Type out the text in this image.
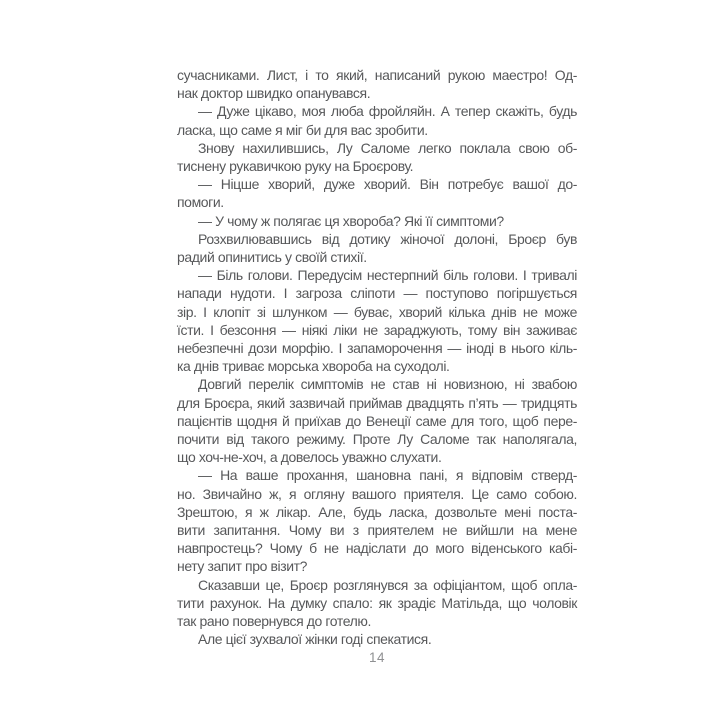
сучасниками. Лист, і то який, написаний рукою маестро! Од-
нак доктор швидко опанувався.
— Дуже цікаво, моя люба фройляйн. А тепер скажіть, будь
ласка, що саме я міг би для вас зробити.
Знову нахилившись, Лу Саломе легко поклала свою об-
тиснену рукавичкою руку на Броєрову.
— Ніцше хворий, дуже хворий. Він потребує вашої до-
помоги.
— У чому ж полягає ця хвороба? Які її симптоми?
Розхвилювавшись від дотику жіночої долоні, Броєр був
радий опинитись у своїй стихії.
— Біль голови. Передусім нестерпний біль голови. І тривалі
напади нудоти. І загроза сліпоти — поступово погіршується
зір. І клопіт зі шлунком — буває, хворий кілька днів не може
їсти. І безсоння — ніякі ліки не зараджують, тому він заживає
небезпечні дози морфію. І запаморочення — іноді в нього кіль-
ка днів триває морська хвороба на суходолі.
Довгий перелік симптомів не став ні новизною, ні звабою
для Броєра, який зазвичай приймав двадцять п’ять — тридцять
пацієнтів щодня й приїхав до Венеції саме для того, щоб пере-
почити від такого режиму. Проте Лу Саломе так наполягала,
що хоч-не-хоч, а довелось уважно слухати.
— На ваше прохання, шановна пані, я відповім стверд-
но. Звичайно ж, я огляну вашого приятеля. Це само собою.
Зрештою, я ж лікар. Але, будь ласка, дозвольте мені поста-
вити запитання. Чому ви з приятелем не вийшли на мене
навпростець? Чому б не надіслати до мого віденського кабі-
нету запит про візит?
Сказавши це, Броєр розглянувся за офіціантом, щоб опла-
тити рахунок. На думку спало: як зрадіє Матільда, що чоловік
так рано повернувся до готелю.
Але цієї зухвалої жінки годі спекатися.
14
